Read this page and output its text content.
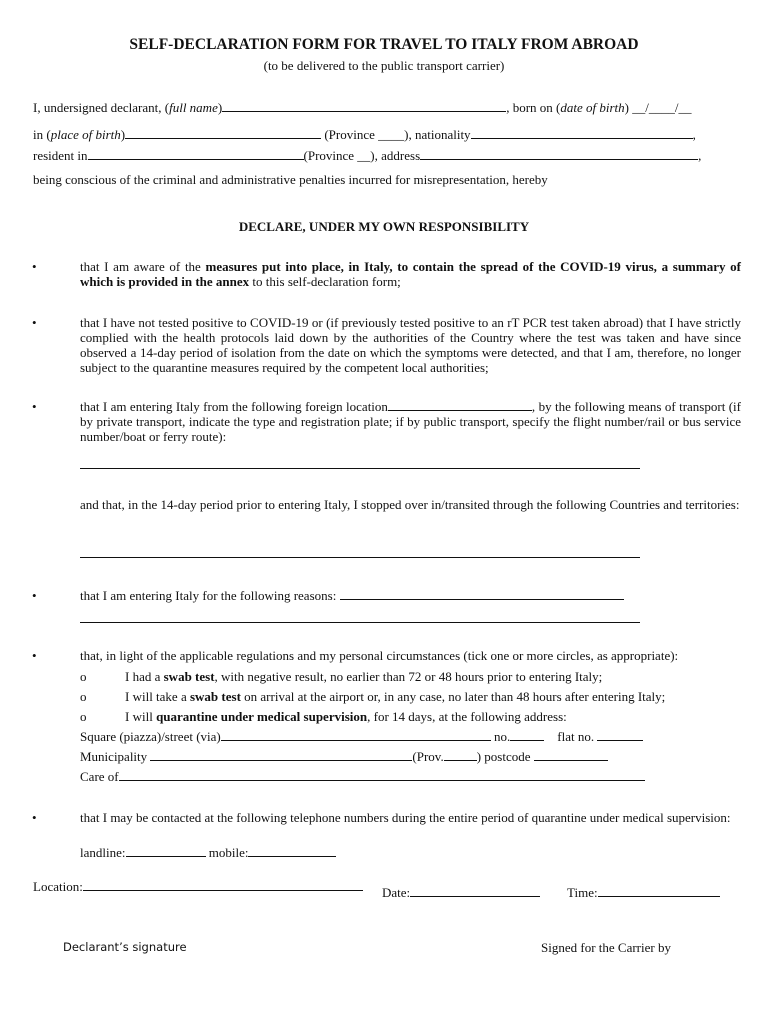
SELF-DECLARATION FORM FOR TRAVEL TO ITALY FROM ABROAD
(to be delivered to the public transport carrier)
I, undersigned declarant, (full name)	, born on (date of birth) __/____/__
in (place of birth)	(Province ____), nationality	,
resident in	(Province __), address	,
being conscious of the criminal and administrative penalties incurred for misrepresentation, hereby
DECLARE, UNDER MY OWN RESPONSIBILITY
•	that I am aware of the measures put into place, in Italy, to contain the spread of the COVID-19 virus, a summary of which is provided in the annex to this self-declaration form;
•	that I have not tested positive to COVID-19 or (if previously tested positive to an rT PCR test taken abroad) that I have strictly complied with the health protocols laid down by the authorities of the Country where the test was taken and have since observed a 14-day period of isolation from the date on which the symptoms were detected, and that I am, therefore, no longer subject to the quarantine measures required by the competent local authorities;
•	that I am entering Italy from the following foreign location	, by the following means of transport (if by private transport, indicate the type and registration plate; if by public transport, specify the flight number/rail or bus service number/boat or ferry route):
and that, in the 14-day period prior to entering Italy, I stopped over in/transited through the following Countries and territories:
•	that I am entering Italy for the following reasons:
•	that, in light of the applicable regulations and my personal circumstances (tick one or more circles, as appropriate):
o	I had a swab test, with negative result, no earlier than 72 or 48 hours prior to entering Italy;
o	I will take a swab test on arrival at the airport or, in any case, no later than 48 hours after entering Italy;
o	I will quarantine under medical supervision, for 14 days, at the following address:
Square (piazza)/street (via)	no.	flat no.
Municipality	(Prov.	) postcode
Care of
•	that I may be contacted at the following telephone numbers during the entire period of quarantine under medical supervision:
landline:	mobile:
Location:	Date:	Time:
Declarant’s signature	Signed for the Carrier by
